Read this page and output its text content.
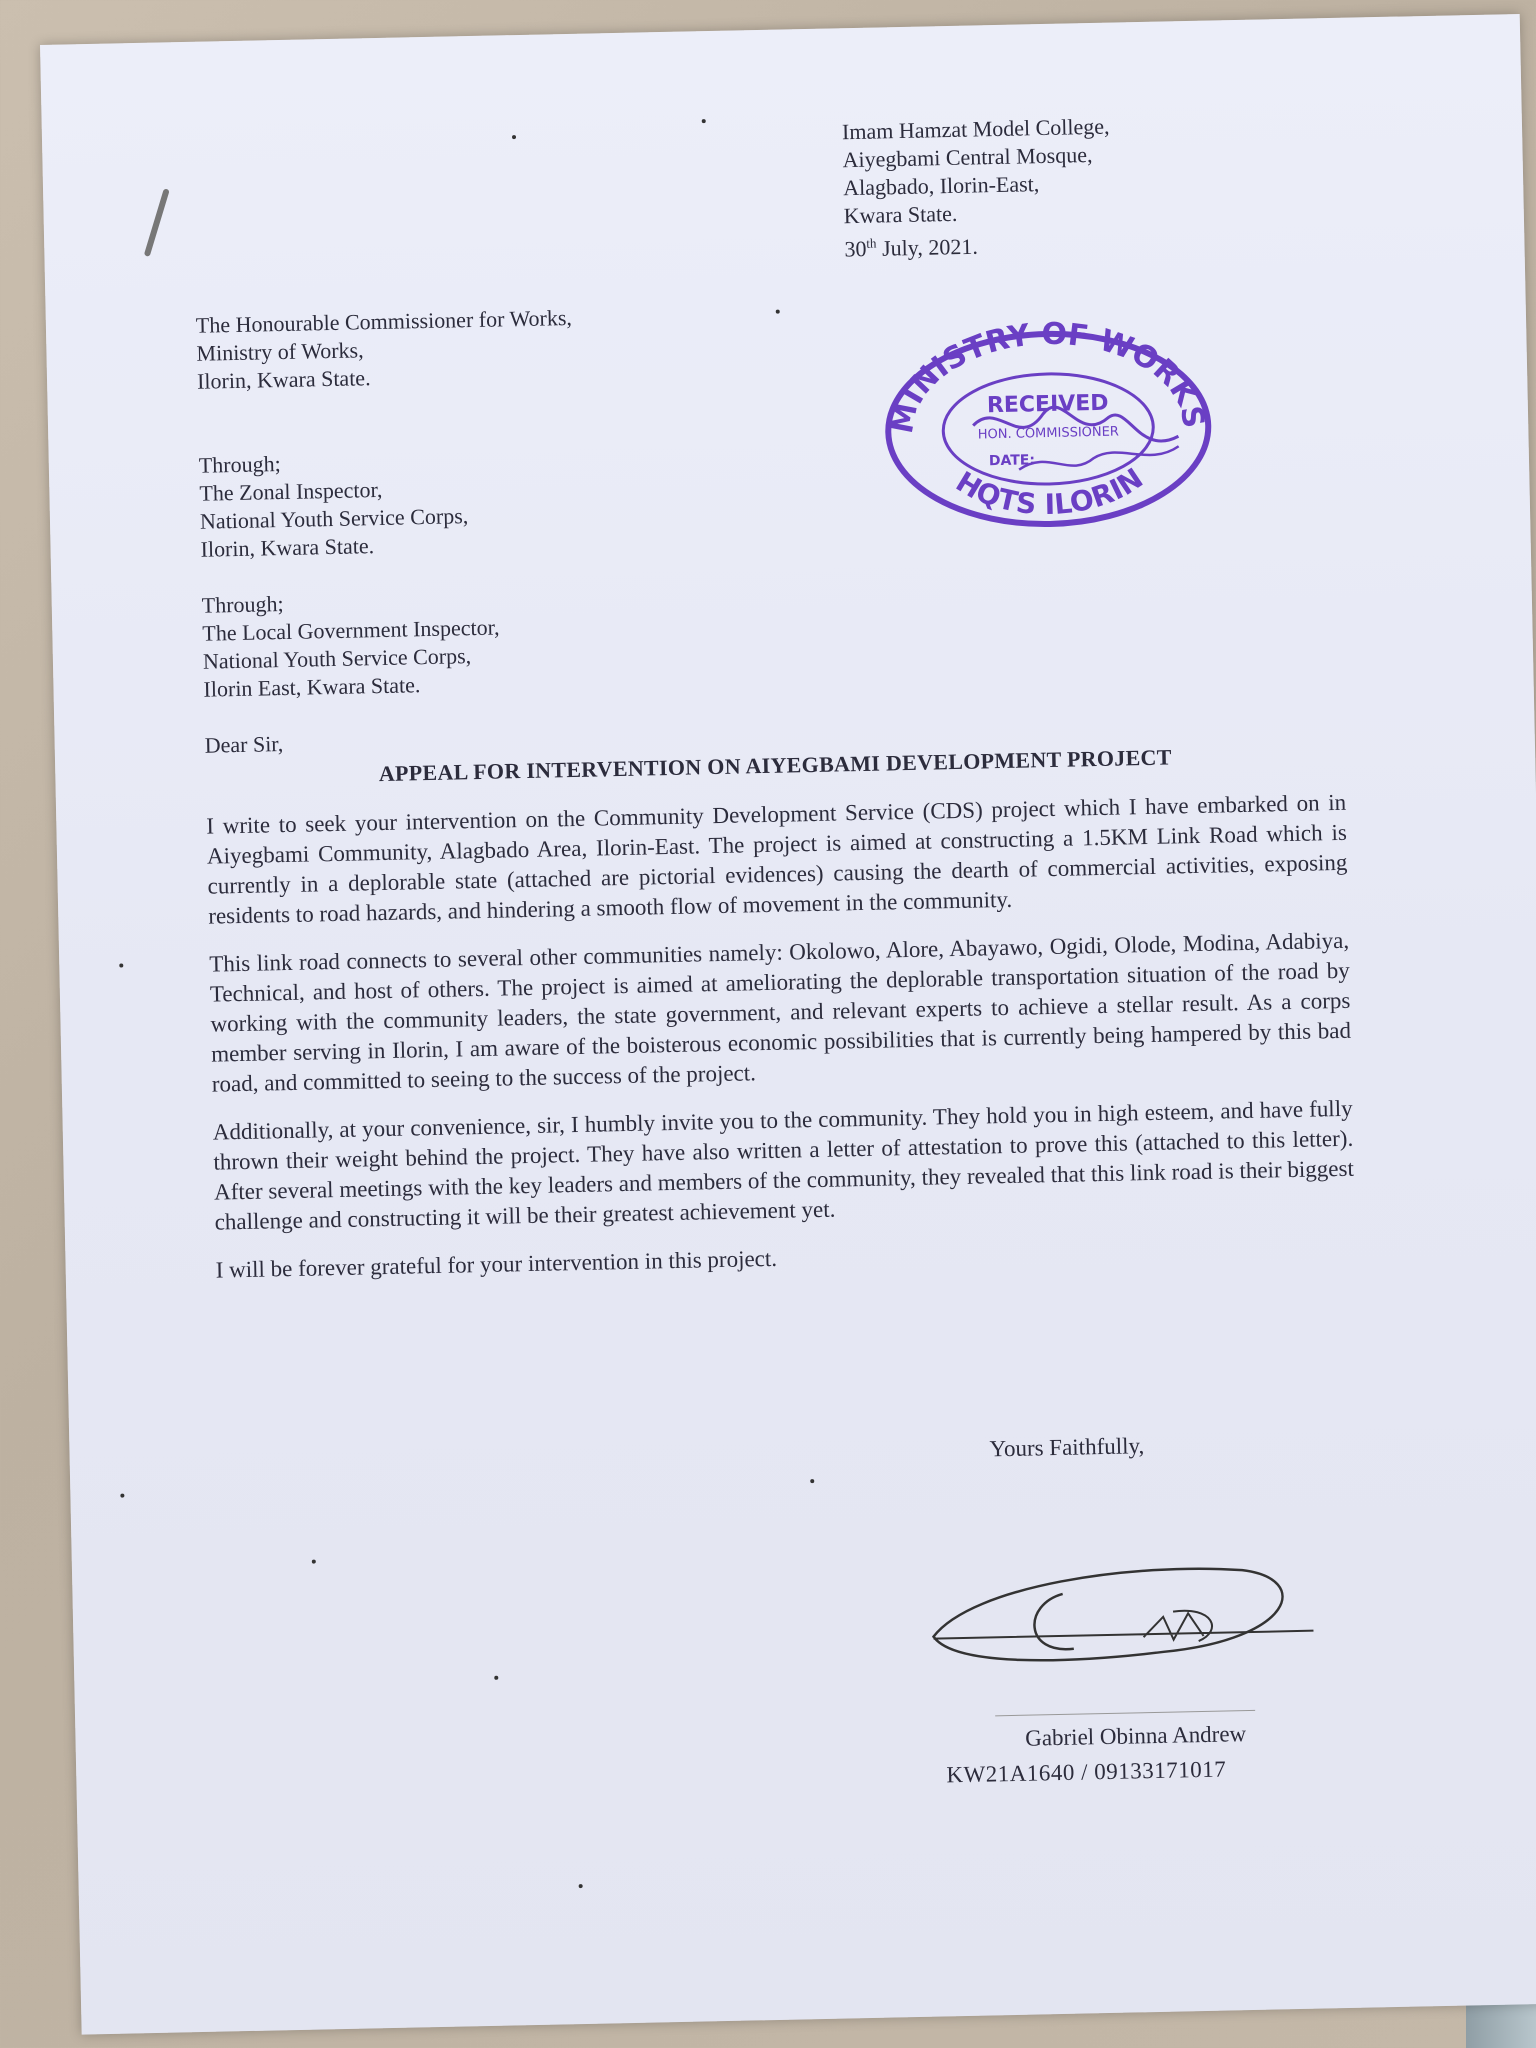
Imam Hamzat Model College,
Aiyegbami Central Mosque,
Alagbado, Ilorin-East,
Kwara State.
30th July, 2021.
The Honourable Commissioner for Works,
Ministry of Works,
Ilorin, Kwara State.
Through;
The Zonal Inspector,
National Youth Service Corps,
Ilorin, Kwara State.
Through;
The Local Government Inspector,
National Youth Service Corps,
Ilorin East, Kwara State.
Dear Sir,
APPEAL FOR INTERVENTION ON AIYEGBAMI DEVELOPMENT PROJECT

I write to seek your intervention on the Community Development Service (CDS) project which I have embarked on in Aiyegbami Community, Alagbado Area, Ilorin-East. The project is aimed at constructing a 1.5KM Link Road which is currently in a deplorable state (attached are pictorial evidences) causing the dearth of commercial activities, exposing residents to road hazards, and hindering a smooth flow of movement in the community.

This link road connects to several other communities namely: Okolowo, Alore, Abayawo, Ogidi, Olode, Modina, Adabiya, Technical, and host of others. The project is aimed at ameliorating the deplorable transportation situation of the road by working with the community leaders, the state government, and relevant experts to achieve a stellar result. As a corps member serving in Ilorin, I am aware of the boisterous economic possibilities that is currently being hampered by this bad road, and committed to seeing to the success of the project.

Additionally, at your convenience, sir, I humbly invite you to the community. They hold you in high esteem, and have fully thrown their weight behind the project. They have also written a letter of attestation to prove this (attached to this letter). After several meetings with the key leaders and members of the community, they revealed that this link road is their biggest challenge and constructing it will be their greatest achievement yet.

I will be forever grateful for your intervention in this project.

Yours Faithfully,
Gabriel Obinna Andrew
KW21A1640 / 09133171017
MINISTRY OF WORKS
HQTS ILORIN
RECEIVED
HON. COMMISSIONER
DATE:
